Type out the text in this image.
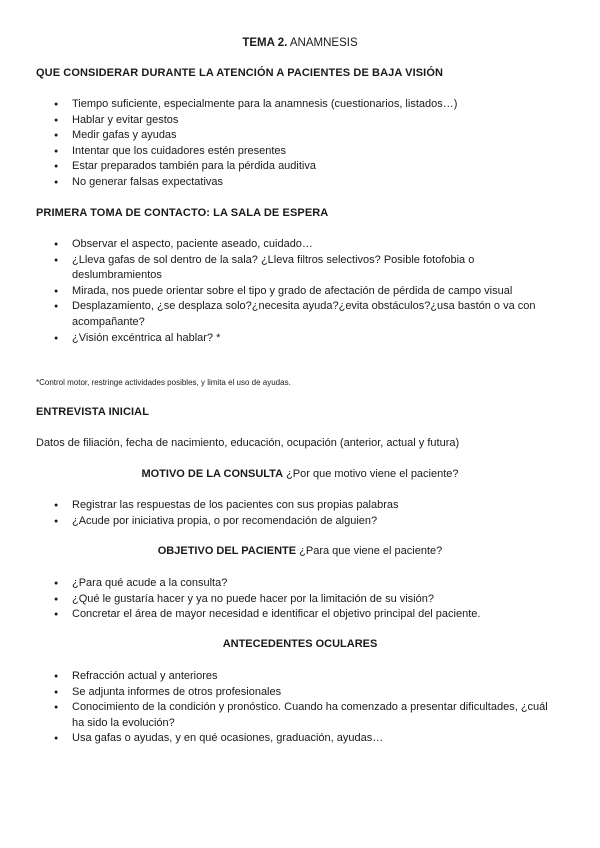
TEMA 2. ANAMNESIS
QUE CONSIDERAR DURANTE LA ATENCIÓN A PACIENTES DE BAJA VISIÓN
● Tiempo suficiente, especialmente para la anamnesis (cuestionarios, listados…)
● Hablar y evitar gestos
● Medir gafas y ayudas
● Intentar que los cuidadores estén presentes
● Estar preparados también para la pérdida auditiva
● No generar falsas expectativas
PRIMERA TOMA DE CONTACTO: LA SALA DE ESPERA
● Observar el aspecto, paciente aseado, cuidado…
● ¿Lleva gafas de sol dentro de la sala? ¿Lleva filtros selectivos? Posible fotofobia o deslumbramientos
● Mirada, nos puede orientar sobre el tipo y grado de afectación de pérdida de campo visual
● Desplazamiento, ¿se desplaza solo?¿necesita ayuda?¿evita obstáculos?¿usa bastón o va con acompañante?
● ¿Visión excéntrica al hablar? *
*Control motor, restringe actividades posibles, y limita el uso de ayudas.
ENTREVISTA INICIAL
Datos de filiación, fecha de nacimiento, educación, ocupación (anterior, actual y futura)
MOTIVO DE LA CONSULTA ¿Por que motivo viene el paciente?
● Registrar las respuestas de los pacientes con sus propias palabras
● ¿Acude por iniciativa propia, o por recomendación de alguien?
OBJETIVO DEL PACIENTE ¿Para que viene el paciente?
● ¿Para qué acude a la consulta?
● ¿Qué le gustaría hacer y ya no puede hacer por la limitación de su visión?
● Concretar el área de mayor necesidad e identificar el objetivo principal del paciente.
ANTECEDENTES OCULARES
● Refracción actual y anteriores
● Se adjunta informes de otros profesionales
● Conocimiento de la condición y pronóstico. Cuando ha comenzado a presentar dificultades, ¿cuál ha sido la evolución?
● Usa gafas o ayudas, y en qué ocasiones, graduación, ayudas…
